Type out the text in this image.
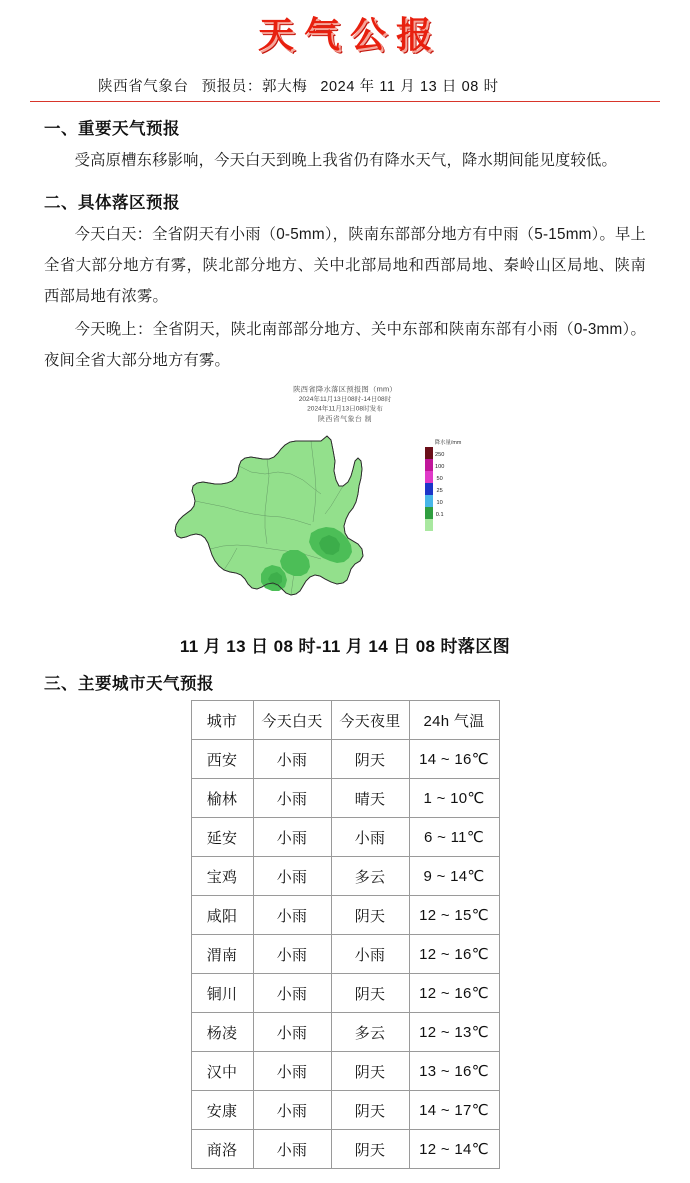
天气公报
陕西省气象台 预报员：郭大梅 2024 年 11 月 13 日 08 时
一、重要天气预报

受高原槽东移影响，今天白天到晚上我省仍有降水天气，降水期间能见度较低。

二、具体落区预报

今天白天：全省阴天有小雨（0-5mm），陕南东部部分地方有中雨（5-15mm）。早上全省大部分地方有雾，陕北部分地方、关中北部局地和西部局地、秦岭山区局地、陕南西部局地有浓雾。

今天晚上：全省阴天，陕北南部部分地方、关中东部和陕南东部有小雨（0-3mm）。夜间全省大部分地方有雾。

陕西省降水落区预报图（mm）
2024年11月13日08时-14日08时
2024年11月13日08时发布
陕西省气象台 制
降水量/mm
250
100
50
25
10
0.1
11 月 13 日 08 时-11 月 14 日 08 时落区图
三、主要城市天气预报
城市	今天白天	今天夜里	24h 气温
西安	小雨	阴天	14 ~ 16℃
榆林	小雨	晴天	1 ~ 10℃
延安	小雨	小雨	6 ~ 11℃
宝鸡	小雨	多云	9 ~ 14℃
咸阳	小雨	阴天	12 ~ 15℃
渭南	小雨	小雨	12 ~ 16℃
铜川	小雨	阴天	12 ~ 16℃
杨凌	小雨	多云	12 ~ 13℃
汉中	小雨	阴天	13 ~ 16℃
安康	小雨	阴天	14 ~ 17℃
商洛	小雨	阴天	12 ~ 14℃
